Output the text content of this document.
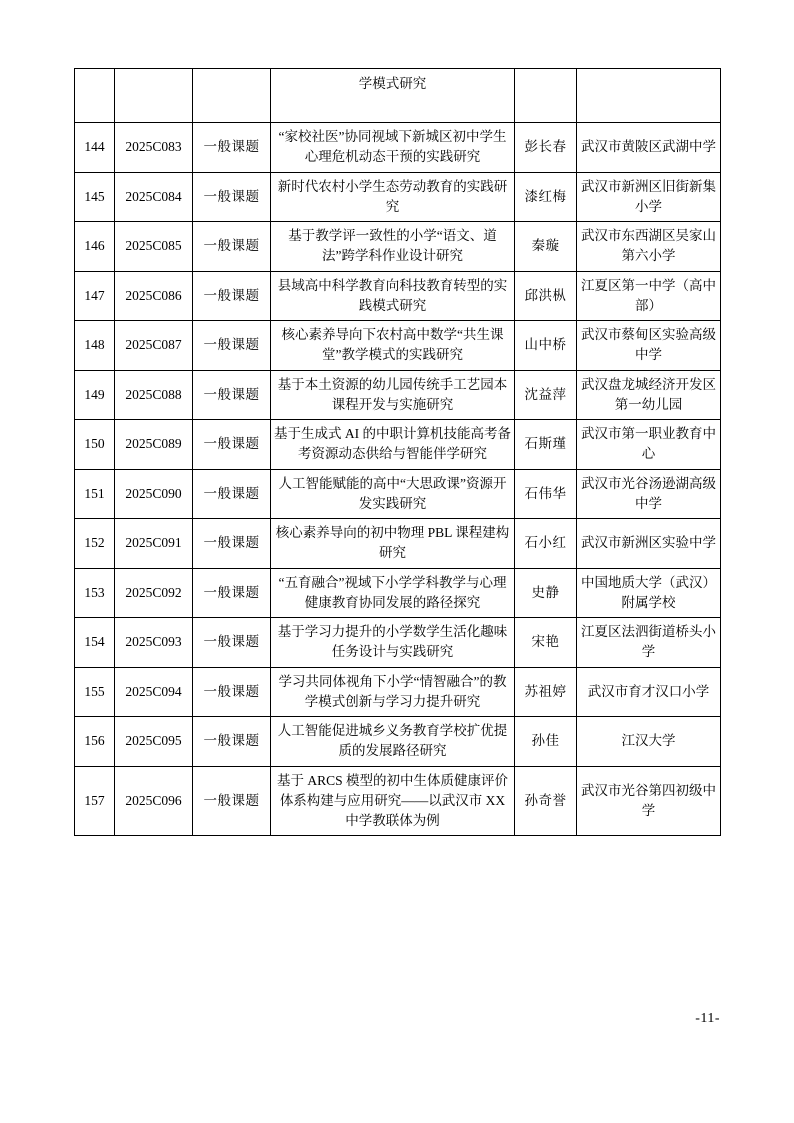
			学模式研究		
144	2025C083	一般课题	“家校社医”协同视域下新城区初中学生心理危机动态干预的实践研究	彭长春	武汉市黄陂区武湖中学
145	2025C084	一般课题	新时代农村小学生态劳动教育的实践研究	漆红梅	武汉市新洲区旧街新集小学
146	2025C085	一般课题	基于教学评一致性的小学“语文、道法”跨学科作业设计研究	秦璇	武汉市东西湖区吴家山第六小学
147	2025C086	一般课题	县域高中科学教育向科技教育转型的实践模式研究	邱洪枞	江夏区第一中学（高中部）
148	2025C087	一般课题	核心素养导向下农村高中数学“共生课堂”教学模式的实践研究	山中桥	武汉市蔡甸区实验高级中学
149	2025C088	一般课题	基于本土资源的幼儿园传统手工艺园本课程开发与实施研究	沈益萍	武汉盘龙城经济开发区第一幼儿园
150	2025C089	一般课题	基于生成式 AI 的中职计算机技能高考备考资源动态供给与智能伴学研究	石斯瑾	武汉市第一职业教育中心
151	2025C090	一般课题	人工智能赋能的高中“大思政课”资源开发实践研究	石伟华	武汉市光谷汤逊湖高级中学
152	2025C091	一般课题	核心素养导向的初中物理 PBL 课程建构研究	石小红	武汉市新洲区实验中学
153	2025C092	一般课题	“五育融合”视域下小学学科教学与心理健康教育协同发展的路径探究	史静	中国地质大学（武汉）附属学校
154	2025C093	一般课题	基于学习力提升的小学数学生活化趣味任务设计与实践研究	宋艳	江夏区法泗街道桥头小学
155	2025C094	一般课题	学习共同体视角下小学“情智融合”的教学模式创新与学习力提升研究	苏祖婷	武汉市育才汉口小学
156	2025C095	一般课题	人工智能促进城乡义务教育学校扩优提质的发展路径研究	孙佳	江汉大学
157	2025C096	一般课题	基于 ARCS 模型的初中生体质健康评价体系构建与应用研究——以武汉市 XX 中学教联体为例	孙奇誉	武汉市光谷第四初级中学
-11-
